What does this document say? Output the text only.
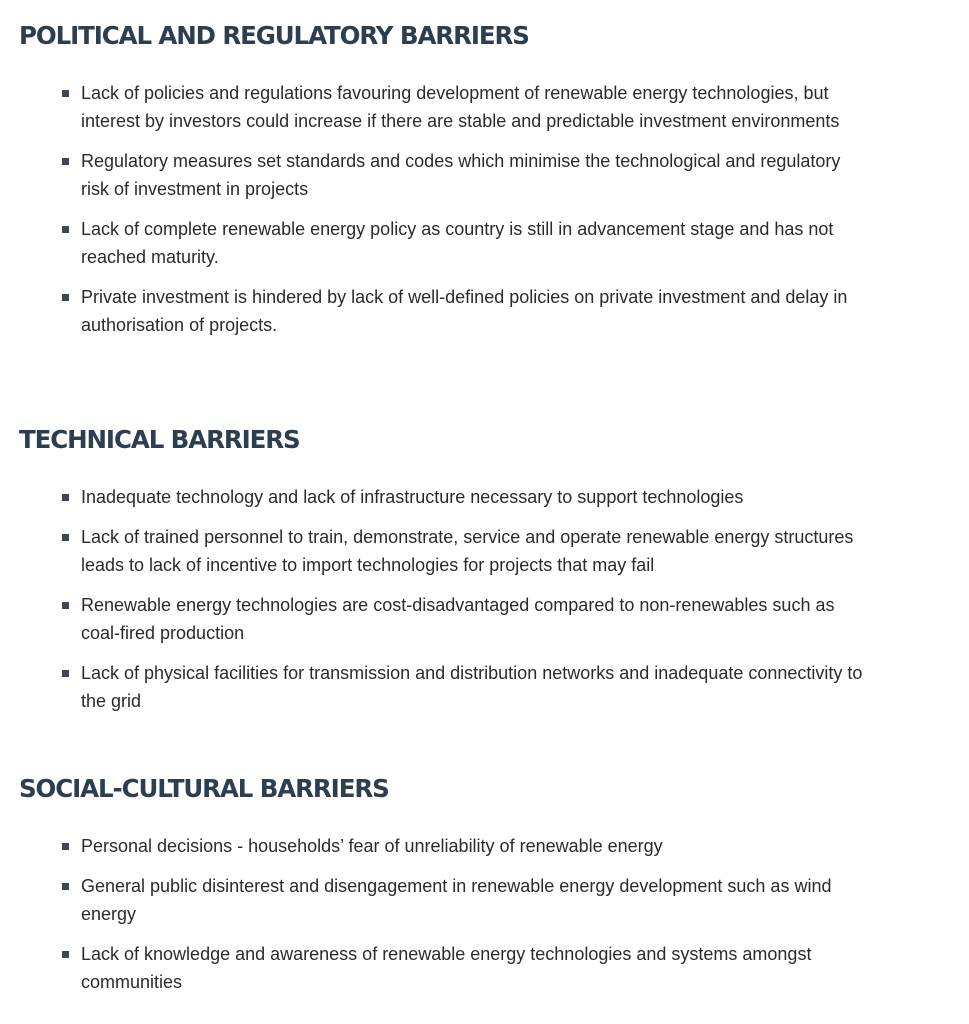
POLITICAL AND REGULATORY BARRIERS
Lack of policies and regulations favouring development of renewable energy technologies, but interest by investors could increase if there are stable and predictable investment environments
Regulatory measures set standards and codes which minimise the technological and regulatory risk of investment in projects
Lack of complete renewable energy policy as country is still in advancement stage and has not reached maturity.
Private investment is hindered by lack of well-defined policies on private investment and delay in authorisation of projects.
TECHNICAL BARRIERS
Inadequate technology and lack of infrastructure necessary to support technologies
Lack of trained personnel to train, demonstrate, service and operate renewable energy structures leads to lack of incentive to import technologies for projects that may fail
Renewable energy technologies are cost-disadvantaged compared to non-renewables such as coal-fired production
Lack of physical facilities for transmission and distribution networks and inadequate connectivity to the grid
SOCIAL-CULTURAL BARRIERS
Personal decisions - households’ fear of unreliability of renewable energy
General public disinterest and disengagement in renewable energy development such as wind energy
Lack of knowledge and awareness of renewable energy technologies and systems amongst communities
